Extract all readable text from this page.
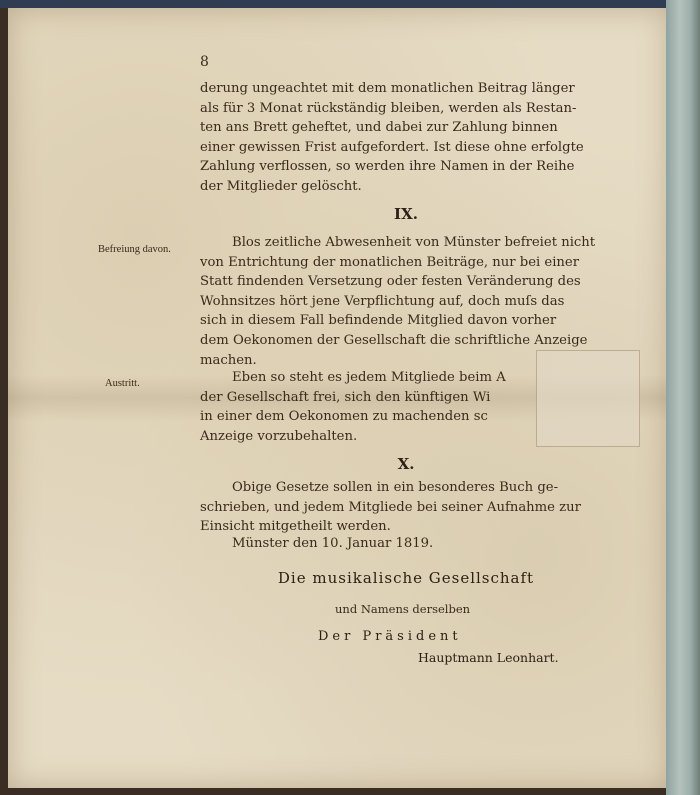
8

derung ungeachtet mit dem monatlichen Beitrag länger

als für 3 Monat rückständig bleiben, werden als Restan-

ten ans Brett geheftet, und dabei zur Zahlung binnen

einer gewissen Frist aufgefordert. Ist diese ohne erfolgte

Zahlung verflossen, so werden ihre Namen in der Reihe

der Mitglieder gelöscht.

IX.
Befreiung davon.	Blos zeitliche Abwesenheit von Münster befreiet nicht

von Entrichtung der monatlichen Beiträge, nur bei einer

Statt findenden Versetzung oder festen Veränderung des

Wohnsitzes hört jene Verpflichtung auf, doch muſs das

sich in diesem Fall befindende Mitglied davon vorher

dem Oekonomen der Gesellschaft die schriftliche Anzeige

machen.

Austritt.	Eben so steht es jedem Mitgliede beim A

der Gesellschaft frei, sich den künftigen Wi

in einer dem Oekonomen zu machenden sc

Anzeige vorzubehalten.

X.

Obige Gesetze sollen in ein besonderes Buch ge-

schrieben, und jedem Mitgliede bei seiner Aufnahme zur

Einsicht mitgetheilt werden.

Münster den 10. Januar 1819.
Die musikalische Gesellschaft
und Namens derselben
Der Präsident
Hauptmann Leonhart.
